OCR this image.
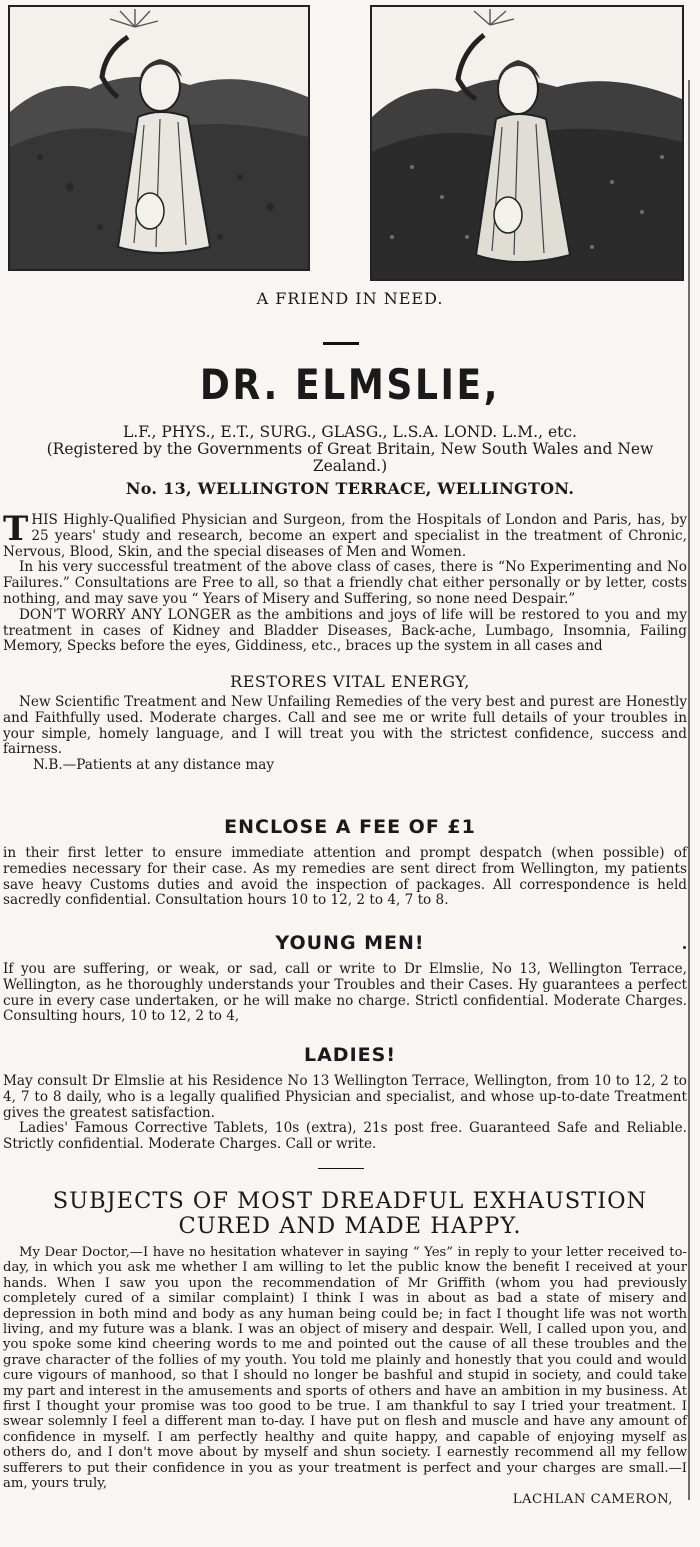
A FRIEND IN NEED.
DR. ELMSLIE,
L.F., PHYS., E.T., SURG., GLASG., L.S.A. LOND. L.M., etc.
(Registered by the Governments of Great Britain, New South Wales and New Zealand.)
No. 13, WELLINGTON TERRACE, WELLINGTON.

T HIS Highly-Qualified Physician and Surgeon, from the Hospitals of London and Paris, has, by 25 years' study and research, become an expert and specialist in the treatment of Chronic, Nervous, Blood, Skin, and the special diseases of Men and Women.

In his very successful treatment of the above class of cases, there is “No Experimenting and No Failures.” Consultations are Free to all, so that a friendly chat either personally or by letter, costs nothing, and may save you “ Years of Misery and Suffering, so none need Despair.”

DON'T WORRY ANY LONGER as the ambitions and joys of life will be restored to you and my treatment in cases of Kidney and Bladder Diseases, Back-ache, Lumbago, Insomnia, Failing Memory, Specks before the eyes, Giddiness, etc., braces up the system in all cases and

RESTORES VITAL ENERGY,

New Scientific Treatment and New Unfailing Remedies of the very best and purest are Honestly and Faithfully used. Moderate charges. Call and see me or write full details of your troubles in your simple, homely language, and I will treat you with the strictest confidence, success and fairness.

N.B.—Patients at any distance may

ENCLOSE A FEE OF £1

in their first letter to ensure immediate attention and prompt despatch (when possible) of remedies necessary for their case. As my remedies are sent direct from Wellington, my patients save heavy Customs duties and avoid the inspection of packages. All correspondence is held sacredly confidential. Consultation hours 10 to 12, 2 to 4, 7 to 8.

YOUNG MEN!

If you are suffering, or weak, or sad, call or write to Dr Elmslie, No 13, Wellington Terrace, Wellington, as he thoroughly understands your Troubles and their Cases. Hy guarantees a perfect cure in every case undertaken, or he will make no charge. Strictl confidential. Moderate Charges. Consulting hours, 10 to 12, 2 to 4,

LADIES!

May consult Dr Elmslie at his Residence No 13 Wellington Terrace, Wellington, from 10 to 12, 2 to 4, 7 to 8 daily, who is a legally qualified Physician and specialist, and whose up-to-date Treatment gives the greatest satisfaction.

Ladies' Famous Corrective Tablets, 10s (extra), 21s post free. Guaranteed Safe and Reliable. Strictly confidential. Moderate Charges. Call or write.

SUBJECTS OF MOST DREADFUL EXHAUSTION
CURED AND MADE HAPPY.

My Dear Doctor,—I have no hesitation whatever in saying “ Yes” in reply to your letter received to-day, in which you ask me whether I am willing to let the public know the benefit I received at your hands. When I saw you upon the recommendation of Mr Griffith (whom you had previously completely cured of a similar complaint) I think I was in about as bad a state of misery and depression in both mind and body as any human being could be; in fact I thought life was not worth living, and my future was a blank. I was an object of misery and despair. Well, I called upon you, and you spoke some kind cheering words to me and pointed out the cause of all these troubles and the grave character of the follies of my youth. You told me plainly and honestly that you could and would cure vigours of manhood, so that I should no longer be bashful and stupid in society, and could take my part and interest in the amusements and sports of others and have an ambition in my business. At first I thought your promise was too good to be true. I am thankful to say I tried your treatment. I swear solemnly I feel a different man to-day. I have put on flesh and muscle and have any amount of confidence in myself. I am perfectly healthy and quite happy, and capable of enjoying myself as others do, and I don't move about by myself and shun society. I earnestly recommend all my fellow sufferers to put their confidence in you as your treatment is perfect and your charges are small.—I am, yours truly,

LACHLAN CAMERON,
